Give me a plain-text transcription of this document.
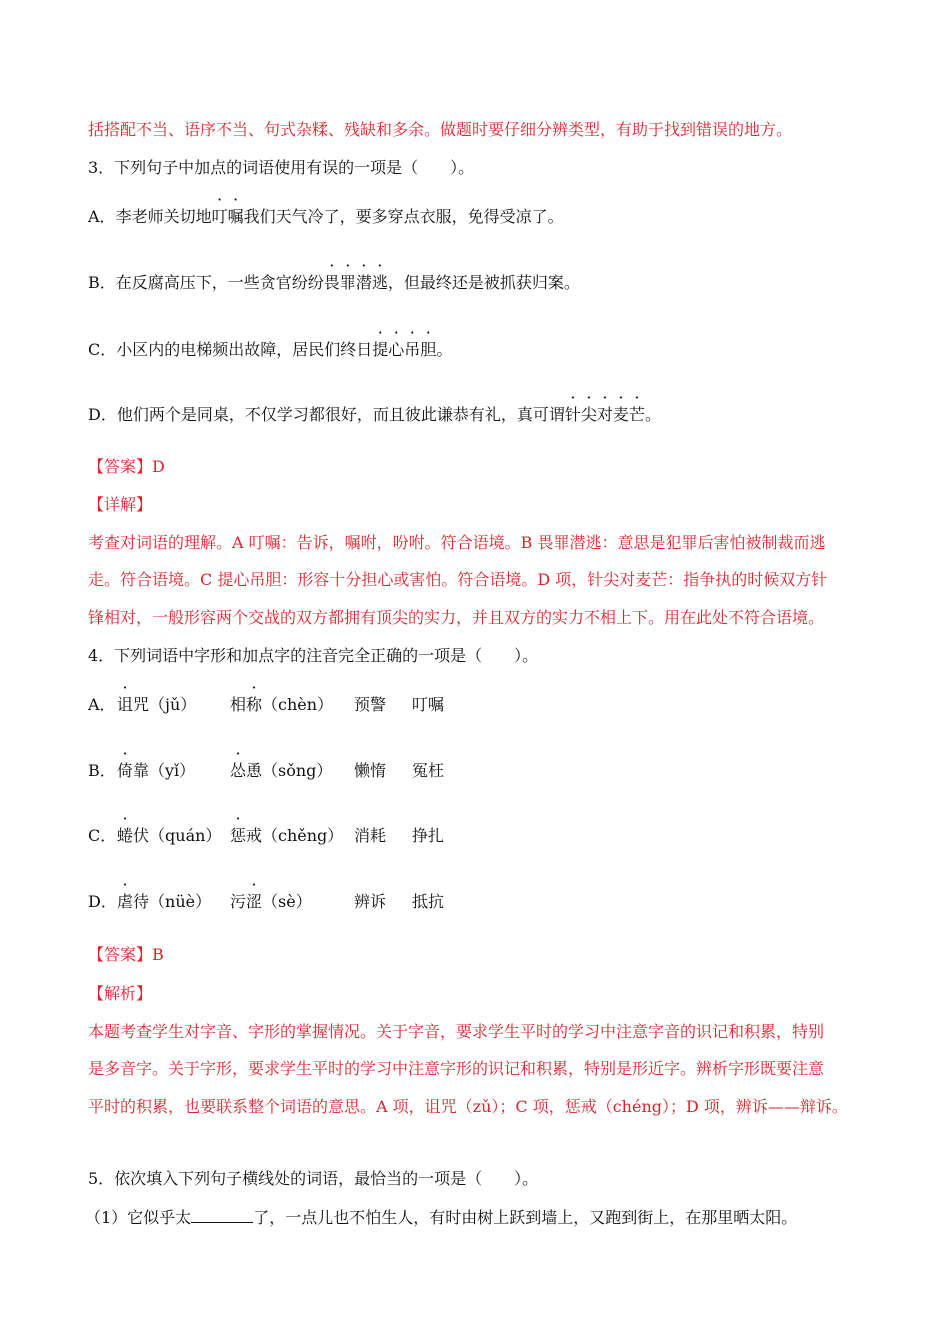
括搭配不当、语序不当、句式杂糅、残缺和多余。做题时要仔细分辨类型，有助于找到错误的地方。
3．下列句子中加点的词语使用有误的一项是（　　）。
A．李老师关切地叮嘱我们天气冷了，要多穿点衣服，免得受凉了。
B．在反腐高压下，一些贪官纷纷畏罪潜逃，但最终还是被抓获归案。
C．小区内的电梯频出故障，居民们终日提心吊胆。
D．他们两个是同桌，不仅学习都很好，而且彼此谦恭有礼，真可谓针尖对麦芒。
【答案】D
【详解】
考查对词语的理解。A 叮嘱：告诉，嘱咐，吩咐。符合语境。B 畏罪潜逃：意思是犯罪后害怕被制裁而逃
走。符合语境。C 提心吊胆：形容十分担心或害怕。符合语境。D 项，针尖对麦芒：指争执的时候双方针
锋相对，一般形容两个交战的双方都拥有顶尖的实力，并且双方的实力不相上下。用在此处不符合语境。
4．下列词语中字形和加点字的注音完全正确的一项是（　　）。
A． 诅咒（jǔ） 相称（chèn） 预警 叮嘱
B． 倚靠（yǐ） 怂恿（sǒng） 懒惰 冤枉
C． 蜷伏（quán） 惩戒（chěng） 消耗 挣扎
D． 虐待（nüè） 污涩（sè）	辨诉 抵抗
【答案】B
【解析】
本题考查学生对字音、字形的掌握情况。关于字音，要求学生平时的学习中注意字音的识记和积累，特别
是多音字。关于字形，要求学生平时的学习中注意字形的识记和积累，特别是形近字。辨析字形既要注意
平时的积累，也要联系整个词语的意思。A 项，诅咒（zǔ）；C 项，惩戒（chéng）；D 项，辨诉——辩诉。
5．依次填入下列句子横线处的词语，最恰当的一项是（　　）。
（1）它似乎太	了，一点儿也不怕生人，有时由树上跃到墙上，又跑到街上，在那里晒太阳。
